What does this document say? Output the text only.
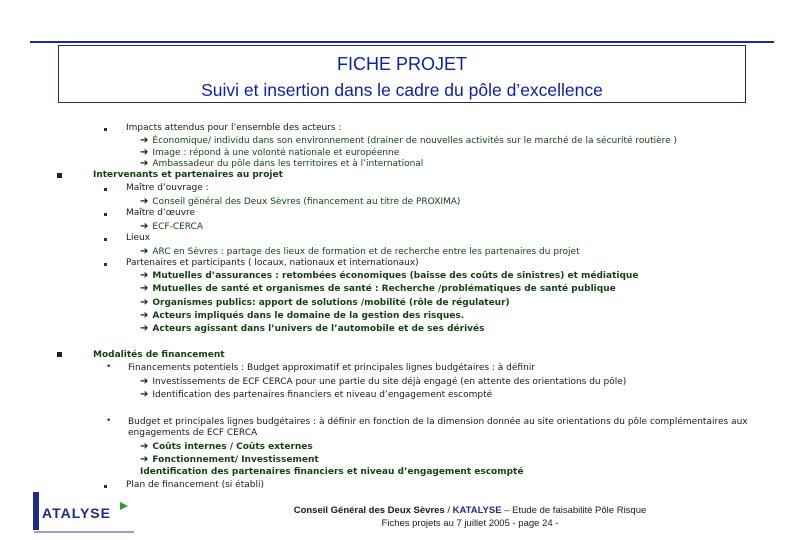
FICHE PROJET
Suivi et insertion dans le cadre du pôle d’excellence
Impacts attendus pour l’ensemble des acteurs :
➔ Économique/ individu dans son environnement (drainer de nouvelles activités sur le marché de la sécurité routière )
➔ Image : répond à une volonté nationale et européenne
➔ Ambassadeur du pôle dans les territoires et à l’international
Intervenants et partenaires au projet
Maître d’ouvrage :
➔ Conseil général des Deux Sèvres (financement au titre de PROXIMA)
Maître d’œuvre
➔ ECF-CERCA
Lieux
➔ ARC en Sèvres : partage des lieux de formation et de recherche entre les partenaires du projet
Partenaires et participants ( locaux, nationaux et internationaux)
➔ Mutuelles d’assurances : retombées économiques (baisse des coûts de sinistres) et médiatique
➔ Mutuelles de santé et organismes de santé : Recherche /problématiques de santé publique
➔ Organismes publics: apport de solutions /mobilité (rôle de régulateur)
➔ Acteurs impliqués dans le domaine de la gestion des risques.
➔ Acteurs agissant dans l’univers de l’automobile et de ses dérivés
Modalités de financement
• Financements potentiels : Budget approximatif et principales lignes budgétaires : à définir
➔ Investissements de ECF CERCA pour une partie du site déjà engagé (en attente des orientations du pôle)
➔ Identification des partenaires financiers et niveau d’engagement escompté
• Budget et principales lignes budgétaires : à définir en fonction de la dimension donnée au site orientations du pôle complémentaires aux
engagements de ECF CERCA
➔ Coûts internes / Coûts externes
➔ Fonctionnement/ Investissement
Identification des partenaires financiers et niveau d’engagement escompté
Plan de financement (si établi)
ATALYSE	Conseil Général des Deux Sèvres / KATALYSE – Etude de faisabilité Pôle Risque
Fiches projets au 7 juillet 2005 - page 24 -
